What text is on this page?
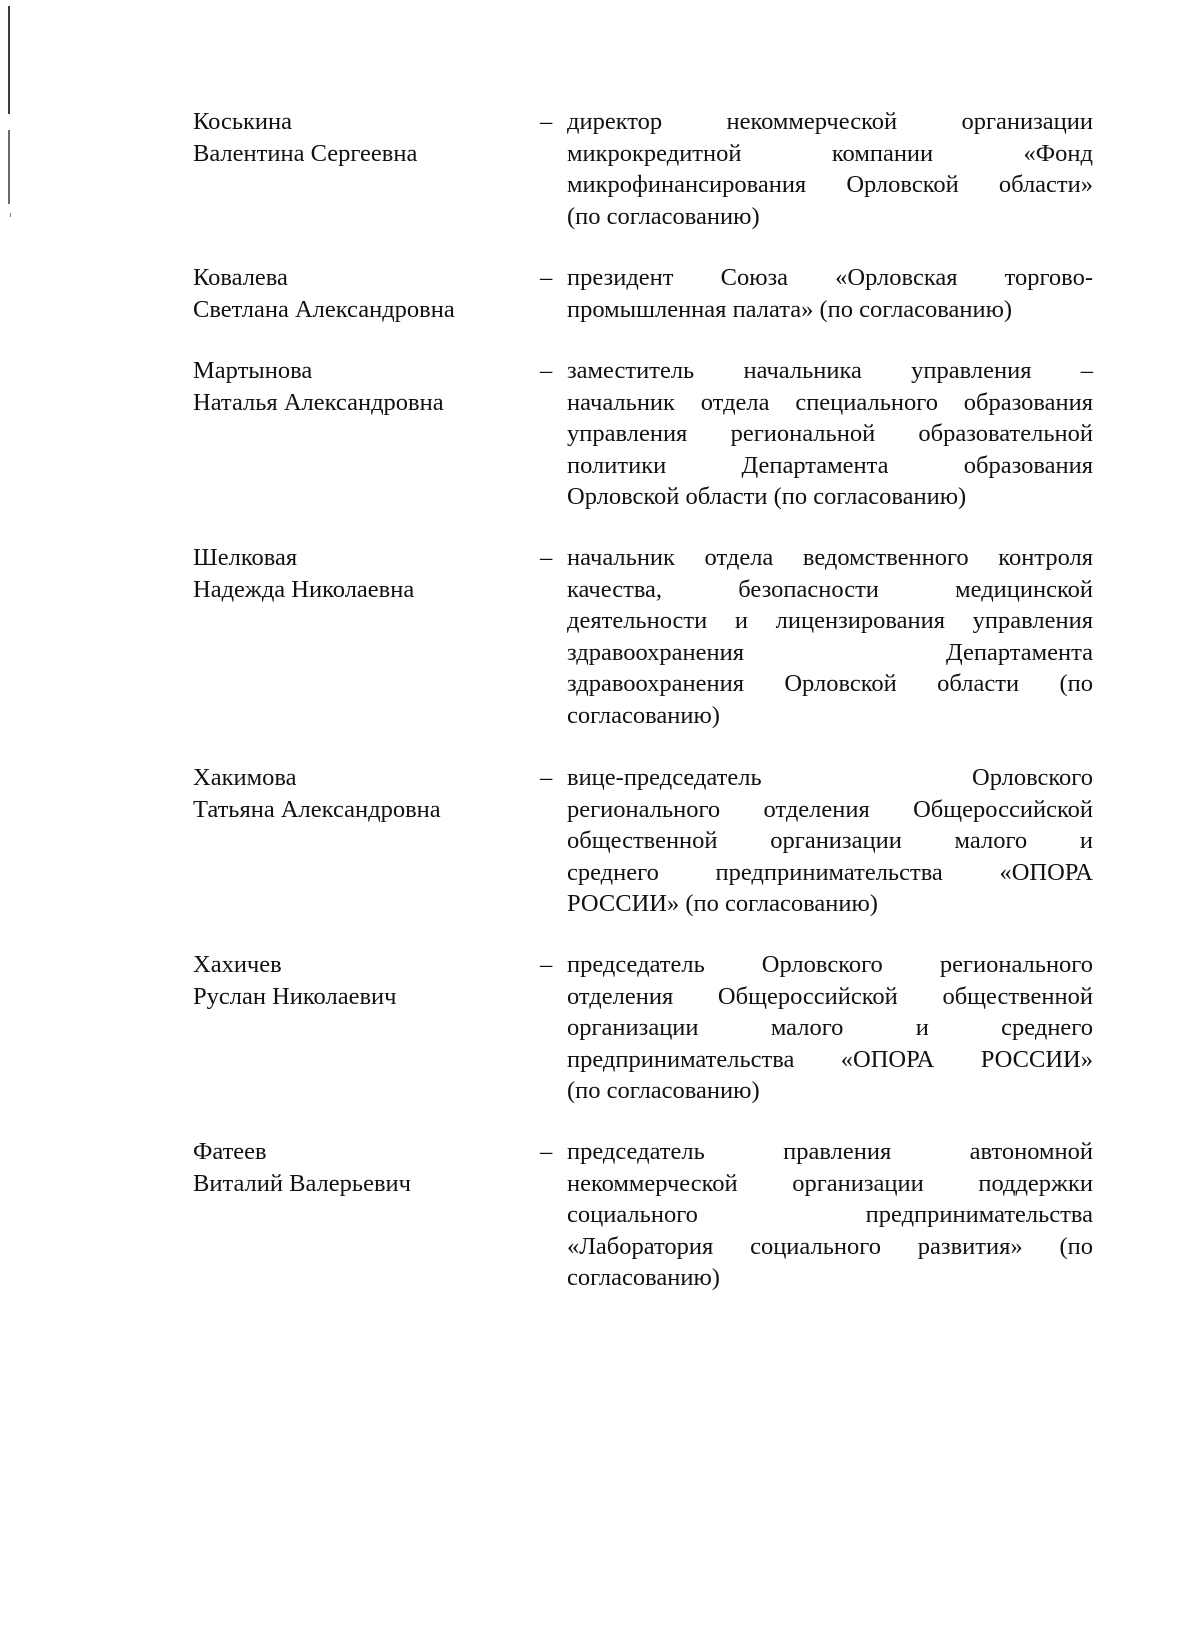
Коськина
Валентина Сергеевна
– директор некоммерческой организации
микрокредитной компании «Фонд
микрофинансирования Орловской области»
(по согласованию)
Ковалева
Светлана Александровна
– президент Союза «Орловская торгово-
промышленная палата» (по согласованию)
Мартынова
Наталья Александровна
– заместитель начальника управления –
начальник отдела специального образования
управления региональной образовательной
политики Департамента образования
Орловской области (по согласованию)
Шелковая
Надежда Николаевна
– начальник отдела ведомственного контроля
качества, безопасности медицинской
деятельности и лицензирования управления
здравоохранения Департамента
здравоохранения Орловской области (по
согласованию)
Хакимова
Татьяна Александровна
– вице-председатель Орловского
регионального отделения Общероссийской
общественной организации малого и
среднего предпринимательства «ОПОРА
РОССИИ» (по согласованию)
Хахичев
Руслан Николаевич
– председатель Орловского регионального
отделения Общероссийской общественной
организации малого и среднего
предпринимательства «ОПОРА РОССИИ»
(по согласованию)
Фатеев
Виталий Валерьевич
– председатель правления автономной
некоммерческой организации поддержки
социального предпринимательства
«Лаборатория социального развития» (по
согласованию)
